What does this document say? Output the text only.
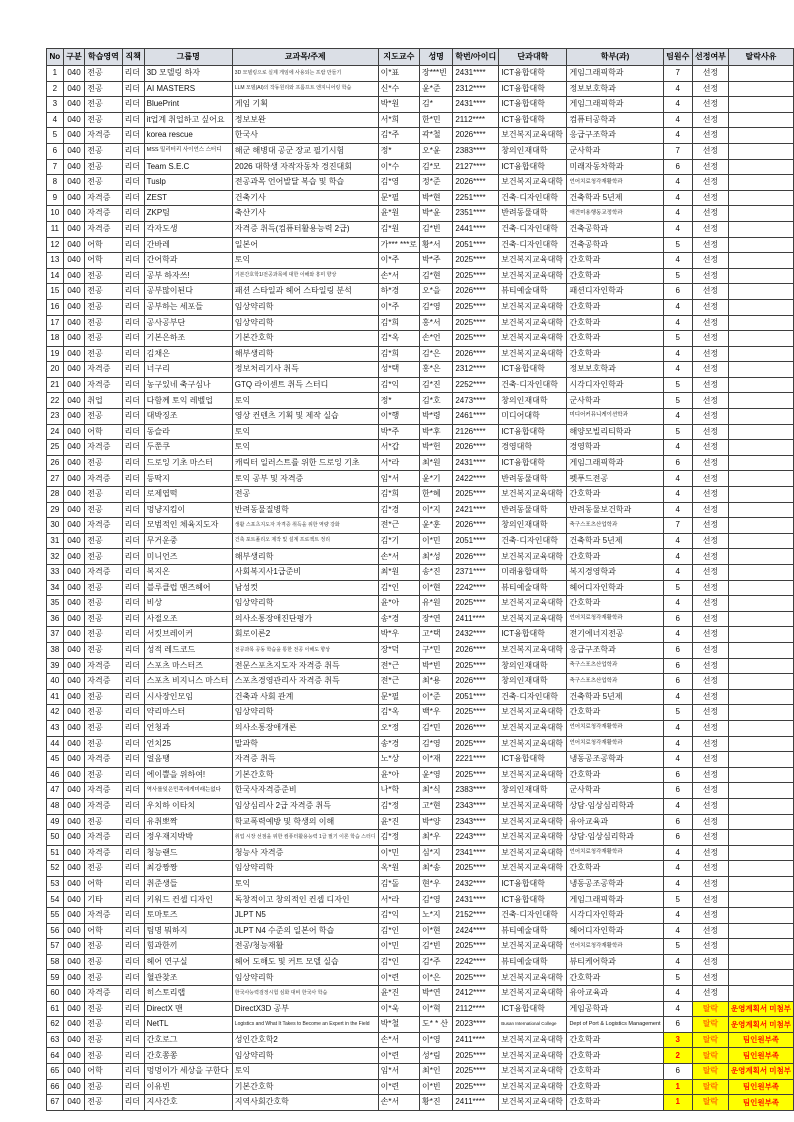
No	구분	학습영역	직책	그룹명	교과목/주제	지도교수	성명	학번/아이디	단과대학	학부(과)	팀원수	선정여부	탈락사유
1	040	전공	리더	3D 모델링 하자	3D 모델링으로 실제 게임에 사용되는 프랍 만들기	이*표	장***빈	2431****	ICT융합대학	게임그래픽학과	7	선정	
2	040	전공	리더	AI MASTERS	LLM 모델(AI)의 작동원리와 프롬프트 엔지니어링 학습	신*수	윤*준	2312****	ICT융합대학	정보보호학과	4	선정	
3	040	전공	리더	BluePrint	게임 기획	박*원	김*	2431****	ICT융합대학	게임그래픽학과	4	선정	
4	040	전공	리더	it업계 취업하고 싶어요	정보보완	서*희	한*민	2112****	ICT융합대학	컴퓨터공학과	4	선정	
5	040	자격증	리더	korea rescue	한국사	김*주	곽*철	2026****	보건복지교육대학	응급구조학과	4	선정	
6	040	전공	리더	MSS 밀리터리 사이언스 스터디	해군 해병대 공군 장교 필기시험	정*	오*윤	2383****	창의인재대학	군사학과	7	선정	
7	040	전공	리더	Team S.E.C	2026 대학생 자작자동차 경진대회	이*수	김*모	2127****	ICT융합대학	미래자동차학과	6	선정	
8	040	전공	리더	Tuslp	전공과목 언어발달 복습 및 학습	김*영	정*준	2026****	보건복지교육대학	언어치료청각재활학과	4	선정	
9	040	자격증	리더	ZEST	건축기사	문*필	박*현	2251****	건축·디자인대학	건축학과 5년제	4	선정	
10	040	자격증	리더	ZKP팀	축산기사	윤*원	박*윤	2351****	반려동물대학	애견미용행동교정학과	4	선정	
11	040	자격증	리더	각자도생	자격증 취득(컴퓨터활용능력 2급)	김*원	김*빈	2441****	건축·디자인대학	건축공학과	4	선정	
12	040	어학	리더	간바레	일본어	가*** ***로	황*서	2051****	건축·디자인대학	건축공학과	5	선정	
13	040	어학	리더	간어학과	토익	이*주	박*주	2025****	보건복지교육대학	간호학과	4	선정	
14	040	전공	리더	공부 하자쓰!	기본간호학1/전공과목에 대한 이해와 흥미 향상	손*서	김*현	2025****	보건복지교육대학	간호학과	5	선정	
15	040	전공	리더	공부많이된다	패션 스타일과 헤어 스타일링 분석	하*경	오*을	2026****	뷰티예술대학	패션디자인학과	6	선정	
16	040	전공	리더	공부하는 세포들	임상약리학	이*주	김*영	2025****	보건복지교육대학	간호학과	4	선정	
17	040	전공	리더	공사공부단	임상약리학	김*희	홍*서	2025****	보건복지교육대학	간호학과	4	선정	
18	040	전공	리더	기본은하조	기본간호학	김*옥	손*언	2025****	보건복지교육대학	간호학과	5	선정	
19	040	전공	리더	김채은	해부생리학	김*희	김*은	2026****	보건복지교육대학	간호학과	4	선정	
20	040	자격증	리더	너구리	정보처리기사 취득	성*택	홍*은	2312****	ICT융합대학	정보보호학과	4	선정	
21	040	자격증	리더	농구있네 축구심나	GTQ 라이센트 취득 스터디	김*익	김*진	2252****	건축·디자인대학	시각디자인학과	5	선정	
22	040	취업	리더	다함께 토익 레벨업	토익	정*	김*호	2473****	창의인재대학	군사학과	5	선정	
23	040	전공	리더	대박징조	영상 컨텐츠 기획 및 제작 실습	이*행	박*령	2461****	미디어대학	미디어커뮤니케이션학과	4	선정	
24	040	어학	리더	동슬라	토익	박*주	박*후	2126****	ICT융합대학	해양모빌리티학과	5	선정	
25	040	자격증	리더	두쭌쿠	토익	서*갑	박*헌	2026****	경영대학	경영학과	4	선정	
26	040	전공	리더	드로잉 기초 마스터	캐릭터 일러스트를 위한 드로잉 기초	서*라	최*원	2431****	ICT융합대학	게임그래픽학과	6	선정	
27	040	자격증	리더	등딱지	토익 공부 및 자격증	임*서	윤*기	2422****	반려동물대학	펫푸드전공	4	선정	
28	040	전공	리더	로제엽떡	전공	김*희	한*혜	2025****	보건복지교육대학	간호학과	4	선정	
29	040	전공	리더	멍냥지킴이	반려동물질병학	김*경	이*지	2421****	반려동물대학	반려동물보건학과	4	선정	
30	040	자격증	리더	모범적인 체육지도자	생활 스포츠지도자 자격증 취득을 위한 역량 강화	전*근	윤*훈	2026****	창의인재대학	축구스포츠산업학과	7	선정	
31	040	전공	리더	무거운중	건축 포트폴리오 제작 및 설계 프로젝트 정리	김*기	이*민	2051****	건축·디자인대학	건축학과 5년제	4	선정	
32	040	전공	리더	미니언즈	해부생리학	손*서	최*성	2026****	보건복지교육대학	간호학과	4	선정	
33	040	자격증	리더	복지온	사회복지사1급준비	최*원	송*진	2371****	미래융합대학	복지경영학과	4	선정	
34	040	전공	리더	블루클럽 맨즈헤어	남성컷	김*인	이*현	2242****	뷰티예술대학	헤어디자인학과	5	선정	
35	040	전공	리더	비상	임상약리학	윤*아	유*원	2025****	보건복지교육대학	간호학과	4	선정	
36	040	전공	리더	사절오조	의사소통장애진단평가	송*경	장*연	2411****	보건복지교육대학	언어치료청각재활학과	6	선정	
37	040	전공	리더	서킷브레이커	회로이론2	박*우	고*택	2432****	ICT융합대학	전기에너지전공	4	선정	
38	040	전공	리더	성적 레드코드	전공과목 공동 학습을 통한 전공 이해도 향상	장*덕	구*민	2026****	보건복지교육대학	응급구조학과	6	선정	
39	040	자격증	리더	스포츠 마스터즈	전문스포츠지도자 자격증 취득	전*근	박*빈	2025****	창의인재대학	축구스포츠산업학과	6	선정	
40	040	자격증	리더	스포츠 비지니스 마스터	스포츠경영관리사 자격증 취득	전*근	최*용	2026****	창의인재대학	축구스포츠산업학과	6	선정	
41	040	전공	리더	시사장인모임	건축과 사회 관계	문*필	이*준	2051****	건축·디자인대학	건축학과 5년제	4	선정	
42	040	전공	리더	약리마스터	임상약리학	김*옥	백*우	2025****	보건복지교육대학	간호학과	5	선정	
43	040	전공	리더	언청과	의사소통장애개론	오*정	김*민	2026****	보건복지교육대학	언어치료청각재활학과	4	선정	
44	040	전공	리더	언치25	말과학	송*경	김*영	2025****	보건복지교육대학	언어치료청각재활학과	4	선정	
45	040	자격증	리더	얼음땡	자격증 취득	노*상	이*재	2221****	ICT융합대학	냉동공조공학과	4	선정	
46	040	전공	리더	에이쁠을 위하여!	기본간호학	윤*아	윤*영	2025****	보건복지교육대학	간호학과	6	선정	
47	040	자격증	리더	역사를잊은민족에게미래는없다	한국사자격증준비	나*학	최*식	2383****	창의인재대학	군사학과	6	선정	
48	040	자격증	리더	우치하 이타치	임상심리사 2급 자격증 취득	김*정	고*현	2343****	보건복지교육대학	상담·임상심리학과	4	선정	
49	040	전공	리더	유취뽀짝	학교폭력예방 및 학생의 이해	윤*진	박*양	2343****	보건복지교육대학	유아교육과	6	선정	
50	040	자격증	리더	정우재지박박	취업 시장 선점을 위한 컴퓨터활용능력 1급 필기 이론 학습 스터디	김*정	최*우	2243****	보건복지교육대학	상담·임상심리학과	6	선정	
51	040	자격증	리더	청능랜드	청능사 자격증	이*민	심*지	2341****	보건복지교육대학	언어치료청각재활학과	4	선정	
52	040	전공	리더	최강짱짱	임상약리학	옥*원	최*송	2025****	보건복지교육대학	간호학과	4	선정	
53	040	어학	리더	취준생들	토익	김*돌	현*우	2432****	ICT융합대학	냉동공조공학과	4	선정	
54	040	기타	리더	키워드 컨셉 디자인	독창적이고 창의적인 컨셉 디자인	서*라	김*영	2431****	ICT융합대학	게임그래픽학과	5	선정	
55	040	자격증	리더	토마토즈	JLPT N5	김*익	노*지	2152****	건축·디자인대학	시각디자인학과	4	선정	
56	040	어학	리더	팀명 뭐하지	JLPT N4 수준의 일본어 학습	김*인	이*현	2424****	뷰티예술대학	헤어디자인학과	4	선정	
57	040	전공	리더	힘과한끼	전공/청능재활	이*민	김*빈	2025****	보건복지교육대학	언어치료청각재활학과	5	선정	
58	040	전공	리더	헤어 연구실	헤어 도해도 및 커트 모델 실습	김*인	김*주	2242****	뷰티예술대학	뷰티케어학과	4	선정	
59	040	전공	리더	혈관찾조	임상약리학	이*련	이*은	2025****	보건복지교육대학	간호학과	5	선정	
60	040	자격증	리더	히스토리랩	한국사능력검정시험 심화 대비 한국사 학습	윤*진	박*연	2412****	보건복지교육대학	유아교육과	4	선정	
61	040	전공	리더	DirectX 맨	DirectX3D 공부	이*욱	이*혁	2112****	ICT융합대학	게임공학과	4	탈락	운영계획서 미첨부
62	040	전공	리더	NetTL	Logistics and What It Takes to Become an Expert in the Field	박*철	도* * 산	2023****	Busan International College	Dept of Port & Logistics Management	6	탈락	운영계획서 미첨부
63	040	전공	리더	간호로그	성인간호학2	손*서	이*영	2411****	보건복지교육대학	간호학과	3	탈락	팀인원부족
64	040	전공	리더	간호쫑쫑	임상약리학	이*련	성*림	2025****	보건복지교육대학	간호학과	2	탈락	팀인원부족
65	040	어학	리더	멍멍이가 세상을 구한다	토익	임*서	최*인	2025****	보건복지교육대학	간호학과	6	탈락	운영계획서 미첨부
66	040	전공	리더	이유빈	기본간호학	이*련	이*빈	2025****	보건복지교육대학	간호학과	1	탈락	팀인원부족
67	040	전공	리더	지사간호	지역사회간호학	손*서	황*진	2411****	보건복지교육대학	간호학과	1	탈락	팀인원부족
